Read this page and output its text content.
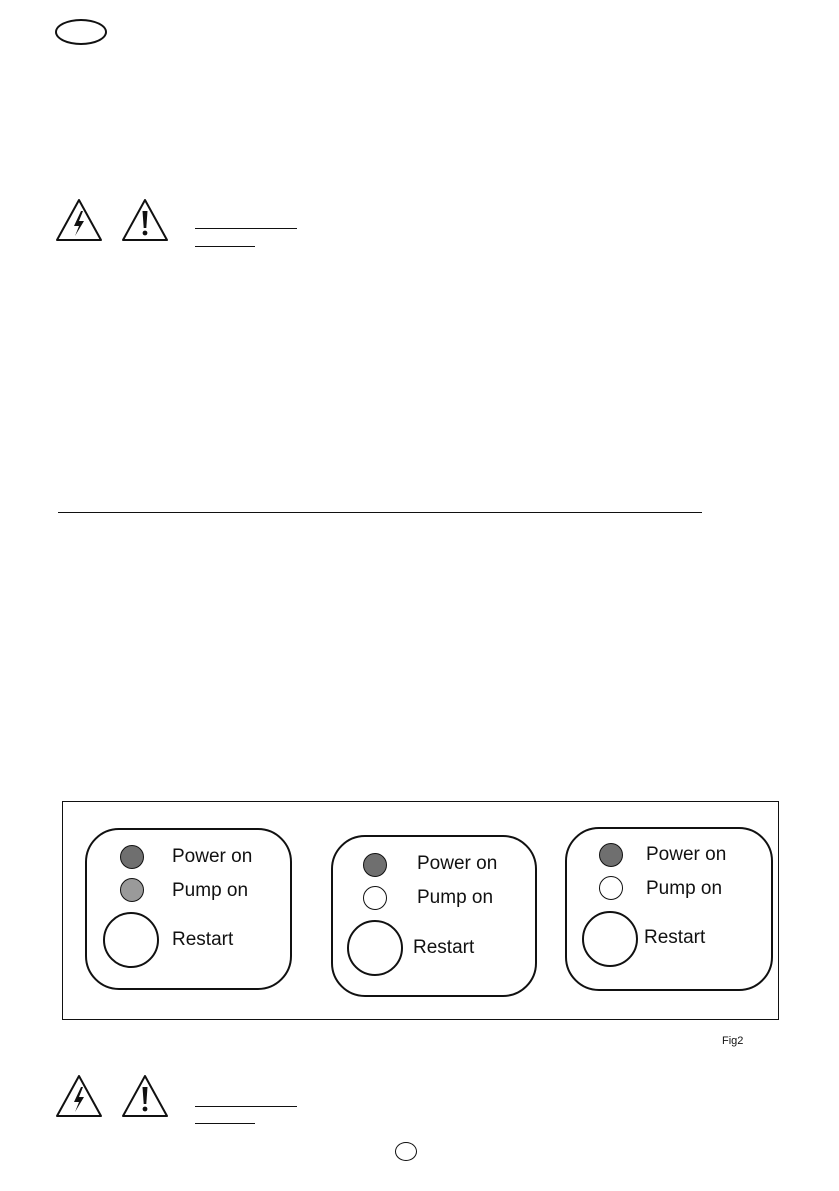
Power on
Pump on
Restart
Power on
Pump on
Restart
Power on
Pump on
Restart
Fig2
